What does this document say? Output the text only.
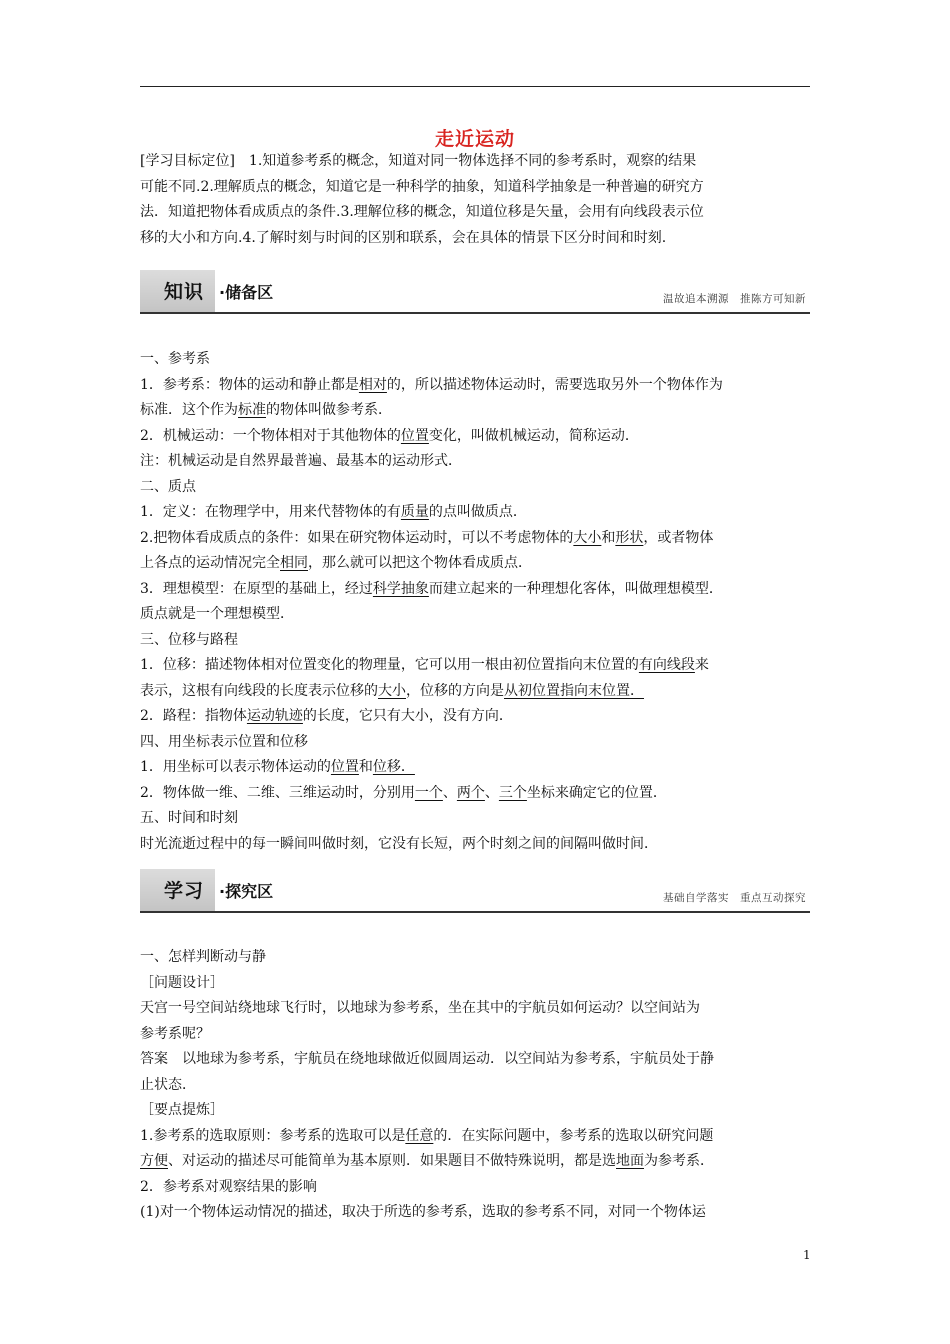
走近运动

[学习目标定位]　1.知道参考系的概念，知道对同一物体选择不同的参考系时，观察的结果

可能不同.2.理解质点的概念，知道它是一种科学的抽象，知道科学抽象是一种普遍的研究方

法．知道把物体看成质点的条件.3.理解位移的概念，知道位移是矢量，会用有向线段表示位

移的大小和方向.4.了解时刻与时间的区别和联系，会在具体的情景下区分时间和时刻.

知识 ·储备区	温故追本溯源　推陈方可知新

一、参考系

1．参考系：物体的运动和静止都是相对的，所以描述物体运动时，需要选取另外一个物体作为

标准．这个作为标准的物体叫做参考系．

2．机械运动：一个物体相对于其他物体的位置变化，叫做机械运动，简称运动．

注：机械运动是自然界最普遍、最基本的运动形式．

二、质点

1．定义：在物理学中，用来代替物体的有质量的点叫做质点．

2.把物体看成质点的条件：如果在研究物体运动时，可以不考虑物体的大小和形状，或者物体

上各点的运动情况完全相同，那么就可以把这个物体看成质点．

3．理想模型：在原型的基础上，经过科学抽象而建立起来的一种理想化客体，叫做理想模型．

质点就是一个理想模型．

三、位移与路程

1．位移：描述物体相对位置变化的物理量，它可以用一根由初位置指向末位置的有向线段来

表示，这根有向线段的长度表示位移的大小，位移的方向是从初位置指向末位置．

2．路程：指物体运动轨迹的长度，它只有大小，没有方向．

四、用坐标表示位置和位移

1．用坐标可以表示物体运动的位置和位移．

2．物体做一维、二维、三维运动时，分别用一个、两个、三个坐标来确定它的位置．

五、时间和时刻

时光流逝过程中的每一瞬间叫做时刻，它没有长短，两个时刻之间的间隔叫做时间．

学习 ·探究区	基础自学落实　重点互动探究

一、怎样判断动与静

［问题设计］

天宫一号空间站绕地球飞行时，以地球为参考系，坐在其中的宇航员如何运动？以空间站为

参考系呢？

答案　以地球为参考系，宇航员在绕地球做近似圆周运动．以空间站为参考系，宇航员处于静

止状态．

［要点提炼］

1.参考系的选取原则：参考系的选取可以是任意的．在实际问题中，参考系的选取以研究问题

方便、对运动的描述尽可能简单为基本原则．如果题目不做特殊说明，都是选地面为参考系．

2．参考系对观察结果的影响

(1)对一个物体运动情况的描述，取决于所选的参考系，选取的参考系不同，对同一个物体运

1
